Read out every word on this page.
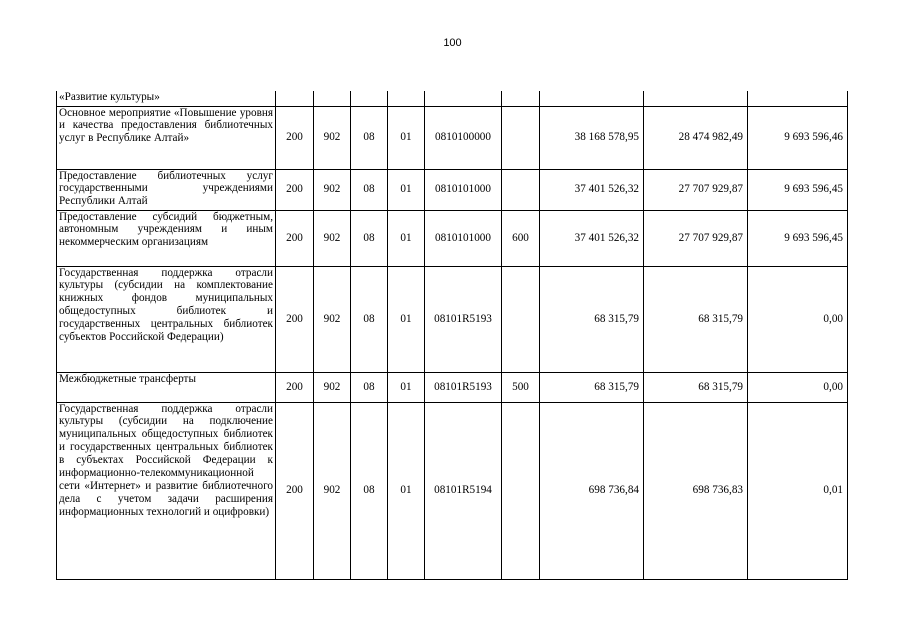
100
«Развитие культуры»									
Основное мероприятие «Повышение уровня и качества предоставления библиотечных услуг в Республике Алтай»	200	902	08	01	0810100000		38 168 578,95	28 474 982,49	9 693 596,46
Предоставление библиотечных услуг государственными учреждениями Республики Алтай	200	902	08	01	0810101000		37 401 526,32	27 707 929,87	9 693 596,45
Предоставление субсидий бюджетным, автономным учреждениям и иным некоммерческим организациям	200	902	08	01	0810101000	600	37 401 526,32	27 707 929,87	9 693 596,45
Государственная поддержка отрасли культуры (субсидии на комплектование книжных фондов муниципальных общедоступных библиотек и государственных центральных библиотек субъектов Российской Федерации)	200	902	08	01	08101R5193		68 315,79	68 315,79	0,00
Межбюджетные трансферты	200	902	08	01	08101R5193	500	68 315,79	68 315,79	0,00
Государственная поддержка отрасли культуры (субсидии на подключение муниципальных общедоступных библиотек и государственных центральных библиотек в субъектах Российской Федерации к информационно-телекоммуникационной сети «Интернет» и развитие библиотечного дела с учетом задачи расширения информационных технологий и оцифровки)	200	902	08	01	08101R5194		698 736,84	698 736,83	0,01
